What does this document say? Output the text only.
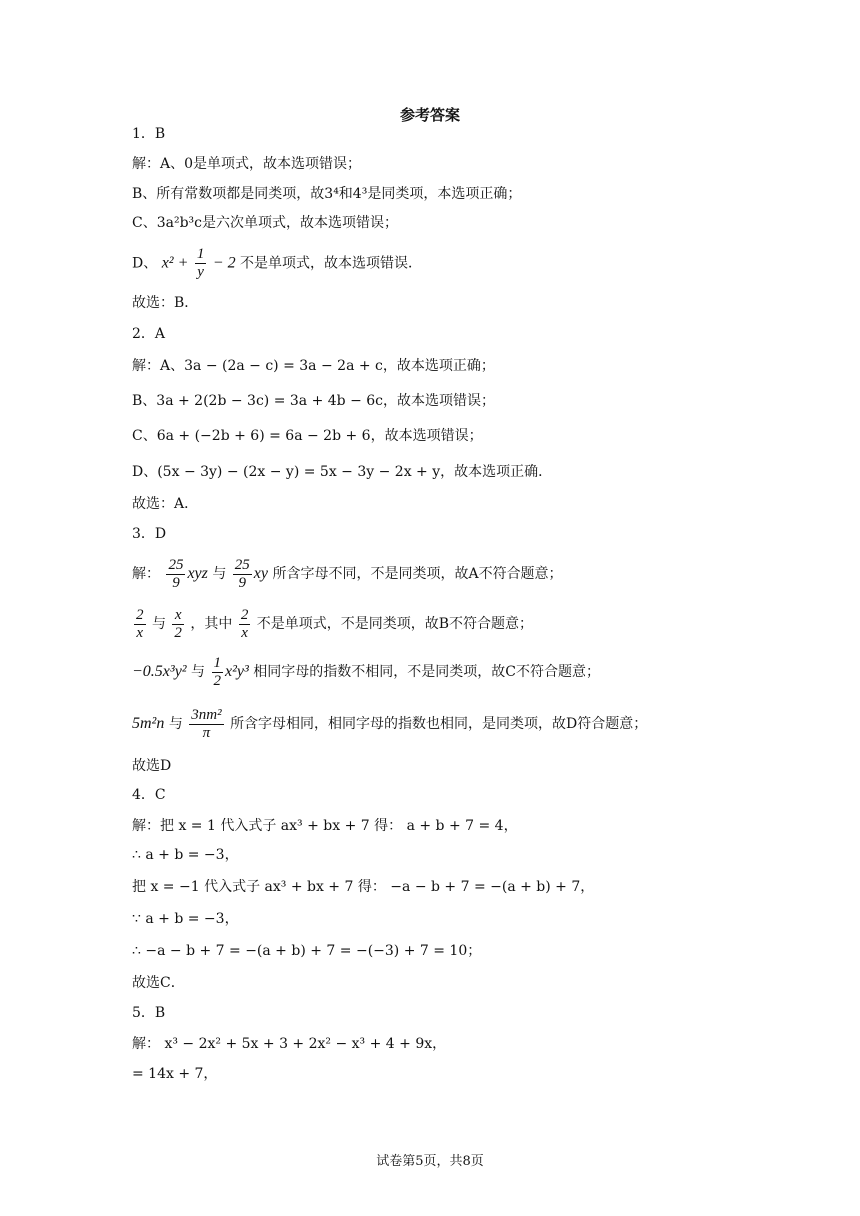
参考答案
1．B
解：A、0是单项式，故本选项错误；
B、所有常数项都是同类项，故3⁴和4³是同类项，本选项正确；
C、3a²b³c是六次单项式，故本选项错误；
D、 $x^2 + \frac{1}{y} - 2$ 不是单项式，故本选项错误．
故选：B．
2．A
解：A、3a − (2a − c) = 3a − 2a + c，故本选项正确；
B、3a + 2(2b − 3c) = 3a + 4b − 6c，故本选项错误；
C、6a + (−2b + 6) = 6a − 2b + 6，故本选项错误；
D、(5x − 3y) − (2x − y) = 5x − 3y − 2x + y，故本选项正确．
故选：A．
3．D
解： $\frac{25}{9}$ xyz 与 $\frac{25}{9}$ xy 所含字母不同，不是同类项，故A不符合题意；
$\frac{2}{x}$ 与 $\frac{x}{2}$ ，其中 $\frac{2}{x}$ 不是单项式，不是同类项，故B不符合题意；
−0.5x³y² 与 $\frac{1}{2} x^2y^3$ 相同字母的指数不相同，不是同类项，故C不符合题意；
5m²n 与 $\frac{\text{3nm²}}{\pi}$ 所含字母相同，相同字母的指数也相同，是同类项，故D符合题意；
故选D
4．C
解：把 x = 1 代入式子 ax³ + bx + 7 得： a + b + 7 = 4，
∴ a + b = −3，
把 x = −1 代入式子 ax³ + bx + 7 得： −a − b + 7 = −(a + b) + 7，
∵ a + b = −3，
∴ −a − b + 7 = −(a + b) + 7 = −(−3) + 7 = 10；
故选C．
5．B
解： x³ − 2x² + 5x + 3 + 2x² − x³ + 4 + 9x，
= 14x + 7，
试卷第5页，共8页
